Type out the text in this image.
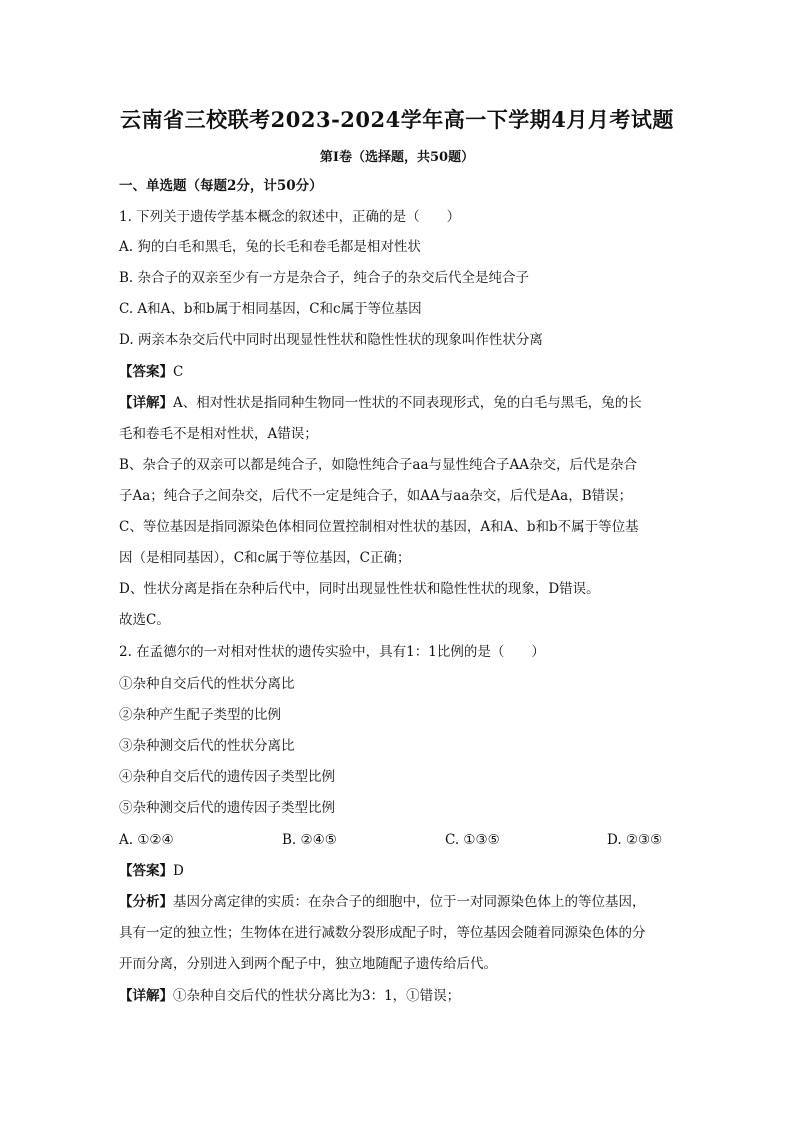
云南省三校联考2023-2024学年高一下学期4月月考试题
第Ⅰ卷（选择题，共50题）
一、单选题（每题2分，计50分）
1. 下列关于遗传学基本概念的叙述中，正确的是（　　）
A. 狗的白毛和黑毛，兔的长毛和卷毛都是相对性状
B. 杂合子的双亲至少有一方是杂合子，纯合子的杂交后代全是纯合子
C. A和A、b和b属于相同基因，C和c属于等位基因
D. 两亲本杂交后代中同时出现显性性状和隐性性状的现象叫作性状分离
【答案】C
【详解】A、相对性状是指同种生物同一性状的不同表现形式，兔的白毛与黑毛，兔的长
毛和卷毛不是相对性状，A错误；
B、杂合子的双亲可以都是纯合子，如隐性纯合子aa与显性纯合子AA杂交，后代是杂合
子Aa；纯合子之间杂交，后代不一定是纯合子，如AA与aa杂交，后代是Aa，B错误；
C、等位基因是指同源染色体相同位置控制相对性状的基因，A和A、b和b不属于等位基
因（是相同基因），C和c属于等位基因，C正确；
D、性状分离是指在杂种后代中，同时出现显性性状和隐性性状的现象，D错误。
故选C。
2. 在孟德尔的一对相对性状的遗传实验中，具有1：1比例的是（　　）
①杂种自交后代的性状分离比
②杂种产生配子类型的比例
③杂种测交后代的性状分离比
④杂种自交后代的遗传因子类型比例
⑤杂种测交后代的遗传因子类型比例
A. ①②④	B. ②④⑤	C. ①③⑤	D. ②③⑤
【答案】D
【分析】基因分离定律的实质：在杂合子的细胞中，位于一对同源染色体上的等位基因，
具有一定的独立性；生物体在进行减数分裂形成配子时，等位基因会随着同源染色体的分
开而分离，分别进入到两个配子中，独立地随配子遗传给后代。
【详解】①杂种自交后代的性状分离比为3：1，①错误；
